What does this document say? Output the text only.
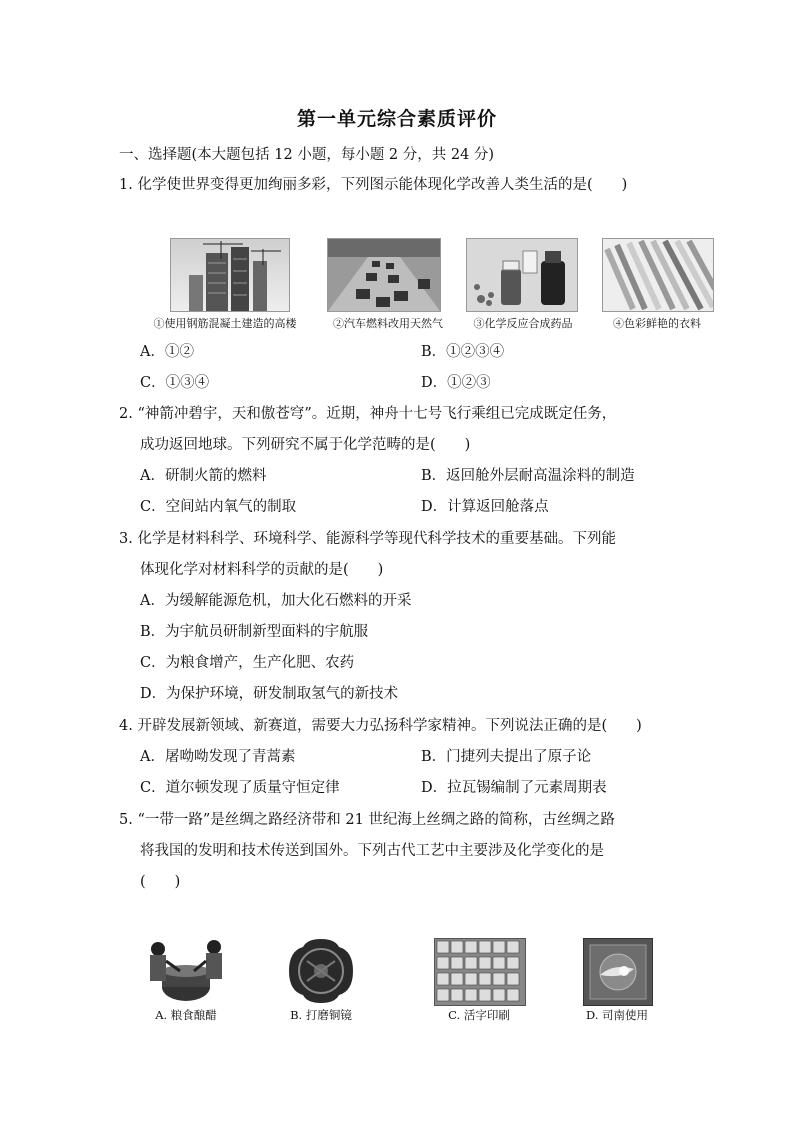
第一单元综合素质评价
一、选择题(本大题包括 12 小题，每小题 2 分，共 24 分)
1. 化学使世界变得更加绚丽多彩，下列图示能体现化学改善人类生活的是(　　)
①使用钢筋混凝土建造的高楼	②汽车燃料改用天然气	③化学反应合成药品	④色彩鲜艳的衣料
A．①②	B．①②③④
C．①③④	D．①②③
2. “神箭冲碧宇，天和傲苍穹”。近期，神舟十七号飞行乘组已完成既定任务，
成功返回地球。下列研究不属于化学范畴的是(　　)
A．研制火箭的燃料	B．返回舱外层耐高温涂料的制造
C．空间站内氧气的制取	D．计算返回舱落点
3. 化学是材料科学、环境科学、能源科学等现代科学技术的重要基础。下列能
体现化学对材料科学的贡献的是(　　)
A．为缓解能源危机，加大化石燃料的开采
B．为宇航员研制新型面料的宇航服
C．为粮食增产，生产化肥、农药
D．为保护环境，研发制取氢气的新技术
4. 开辟发展新领域、新赛道，需要大力弘扬科学家精神。下列说法正确的是(　　)
A．屠呦呦发现了青蒿素	B．门捷列夫提出了原子论
C．道尔顿发现了质量守恒定律	D．拉瓦锡编制了元素周期表
5. “一带一路”是丝绸之路经济带和 21 世纪海上丝绸之路的简称，古丝绸之路
将我国的发明和技术传送到国外。下列古代工艺中主要涉及化学变化的是
(　　)
A. 粮食酿醋	B. 打磨铜镜	C. 活字印刷	D. 司南使用
